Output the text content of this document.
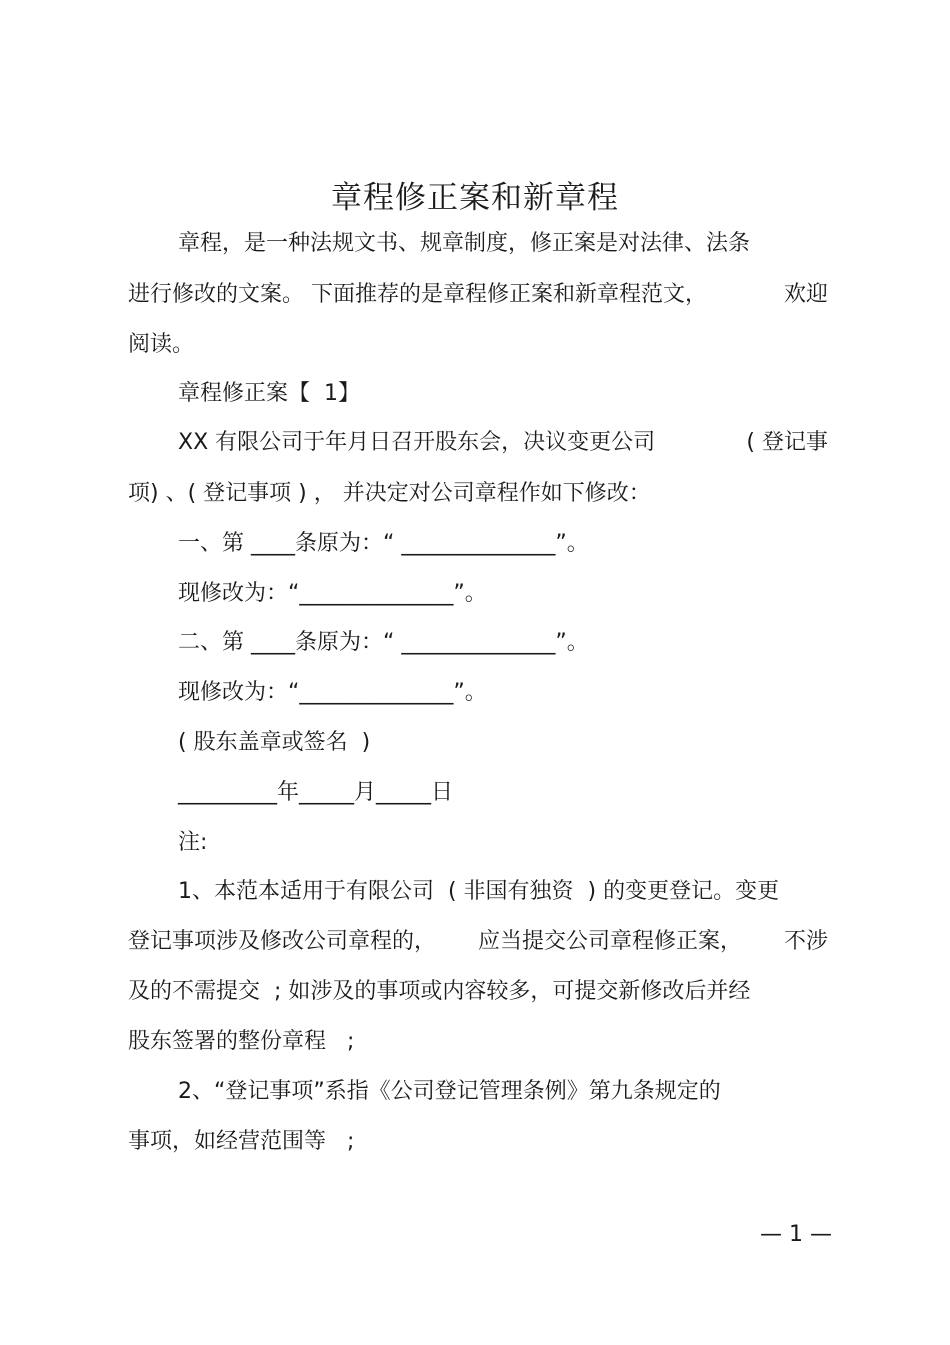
章程修正案和新章程
章程，是一种法规文书、规章制度，修正案是对法律、法条
进行修改的文案。 下面推荐的是章程修正案和新章程范文，	欢迎
阅读。
章程修正案【  1】
XX 有限公司于年月日召开股东会，决议变更公司	( 登记事
项) 、( 登记事项 ) ， 并决定对公司章程作如下修改：
一、第 ____条原为：“ ______________”。
现修改为：“______________”。
二、第 ____条原为：“ ______________”。
现修改为：“______________”。
( 股东盖章或签名  )
_________年_____月_____日
注:
1、本范本适用于有限公司  ( 非国有独资  ) 的变更登记。变更
登记事项涉及修改公司章程的， 应当提交公司章程修正案， 不涉
及的不需提交  ; 如涉及的事项或内容较多，可提交新修改后并经
股东签署的整份章程   ;
2、“登记事项”系指《公司登记管理条例》第九条规定的
事项，如经营范围等   ;
— 1 —
